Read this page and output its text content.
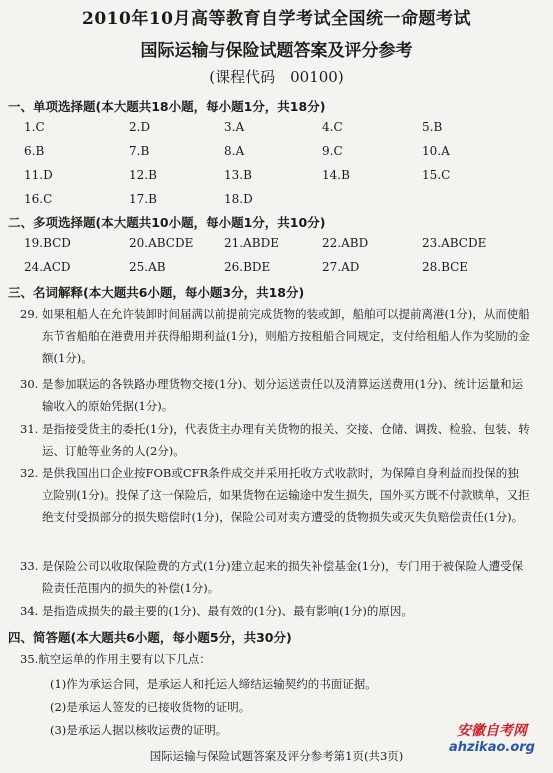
2010年10月高等教育自学考试全国统一命题考试
国际运输与保险试题答案及评分参考
(课程代码　00100)
一、单项选择题(本大题共18小题，每小题1分，共18分)
1.C	2.D	3.A	4.C	5.B
6.B	7.B	8.A	9.C	10.A
11.D	12.B	13.B	14.B	15.C
16.C	17.B	18.D
二、多项选择题(本大题共10小题，每小题1分，共10分)
19.BCD	20.ABCDE	21.ABDE	22.ABD	23.ABCDE
24.ACD	25.AB	26.BDE	27.AD	28.BCE
三、名词解释(本大题共6小题，每小题3分，共18分)
29. 如果租船人在允许装卸时间届满以前提前完成货物的装或卸，船舶可以提前离港(1分)，从而使船东节省船舶在港费用并获得船期利益(1分)，则船方按租船合同规定，支付给租船人作为奖励的金额(1分)。
30. 是参加联运的各铁路办理货物交接(1分)、划分运送责任以及清算运送费用(1分)、统计运量和运输收入的原始凭据(1分)。
31. 是指接受货主的委托(1分)，代表货主办理有关货物的报关、交接、仓储、调拨、检验、包装、转运、订舱等业务的人(2分)。
32. 是供我国出口企业按FOB或CFR条件成交并采用托收方式收款时，为保障自身利益而投保的独立险别(1分)。投保了这一保险后，如果货物在运输途中发生损失，国外买方既不付款赎单，又拒绝支付受损部分的损失赔偿时(1分)，保险公司对卖方遭受的货物损失或灭失负赔偿责任(1分)。
33. 是保险公司以收取保险费的方式(1分)建立起来的损失补偿基金(1分)，专门用于被保险人遭受保险责任范围内的损失的补偿(1分)。
34. 是指造成损失的最主要的(1分)、最有效的(1分)、最有影响(1分)的原因。
四、简答题(本大题共6小题，每小题5分，共30分)
35.航空运单的作用主要有以下几点：
(1)作为承运合同，是承运人和托运人缔结运输契约的书面证据。
(2)是承运人签发的已接收货物的证明。
(3)是承运人据以核收运费的证明。
国际运输与保险试题答案及评分参考第1页(共3页)
安徽自考网
ahzikao.org
